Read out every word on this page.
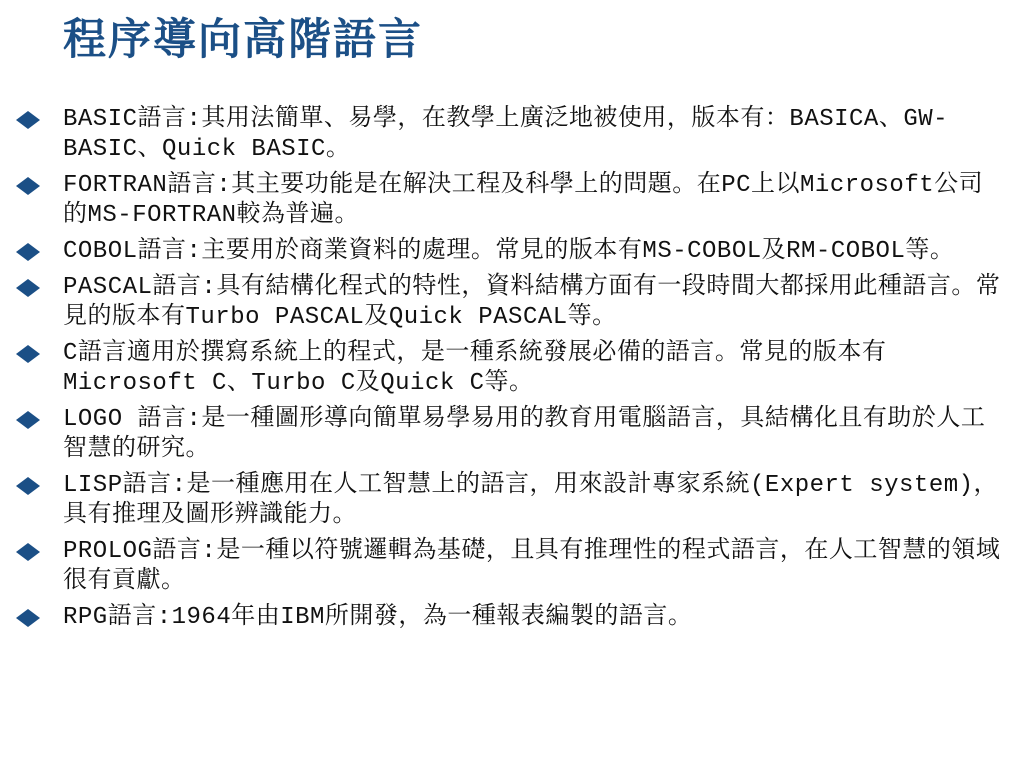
程序導向高階語言
BASIC語言:其用法簡單、易學，在教學上廣泛地被使用，版本有：BASICA、GW-BASIC、Quick BASIC。
FORTRAN語言:其主要功能是在解決工程及科學上的問題。在PC上以Microsoft公司的MS-FORTRAN較為普遍。
COBOL語言:主要用於商業資料的處理。常見的版本有MS-COBOL及RM-COBOL等。
PASCAL語言:具有結構化程式的特性，資料結構方面有一段時間大都採用此種語言。常見的版本有Turbo PASCAL及Quick PASCAL等。
C語言適用於撰寫系統上的程式，是一種系統發展必備的語言。常見的版本有Microsoft C、Turbo C及Quick C等。
LOGO 語言:是一種圖形導向簡單易學易用的教育用電腦語言，具結構化且有助於人工智慧的研究。
LISP語言:是一種應用在人工智慧上的語言，用來設計專家系統(Expert system)，具有推理及圖形辨識能力。
PROLOG語言:是一種以符號邏輯為基礎，且具有推理性的程式語言，在人工智慧的領域很有貢獻。
RPG語言:1964年由IBM所開發，為一種報表編製的語言。
